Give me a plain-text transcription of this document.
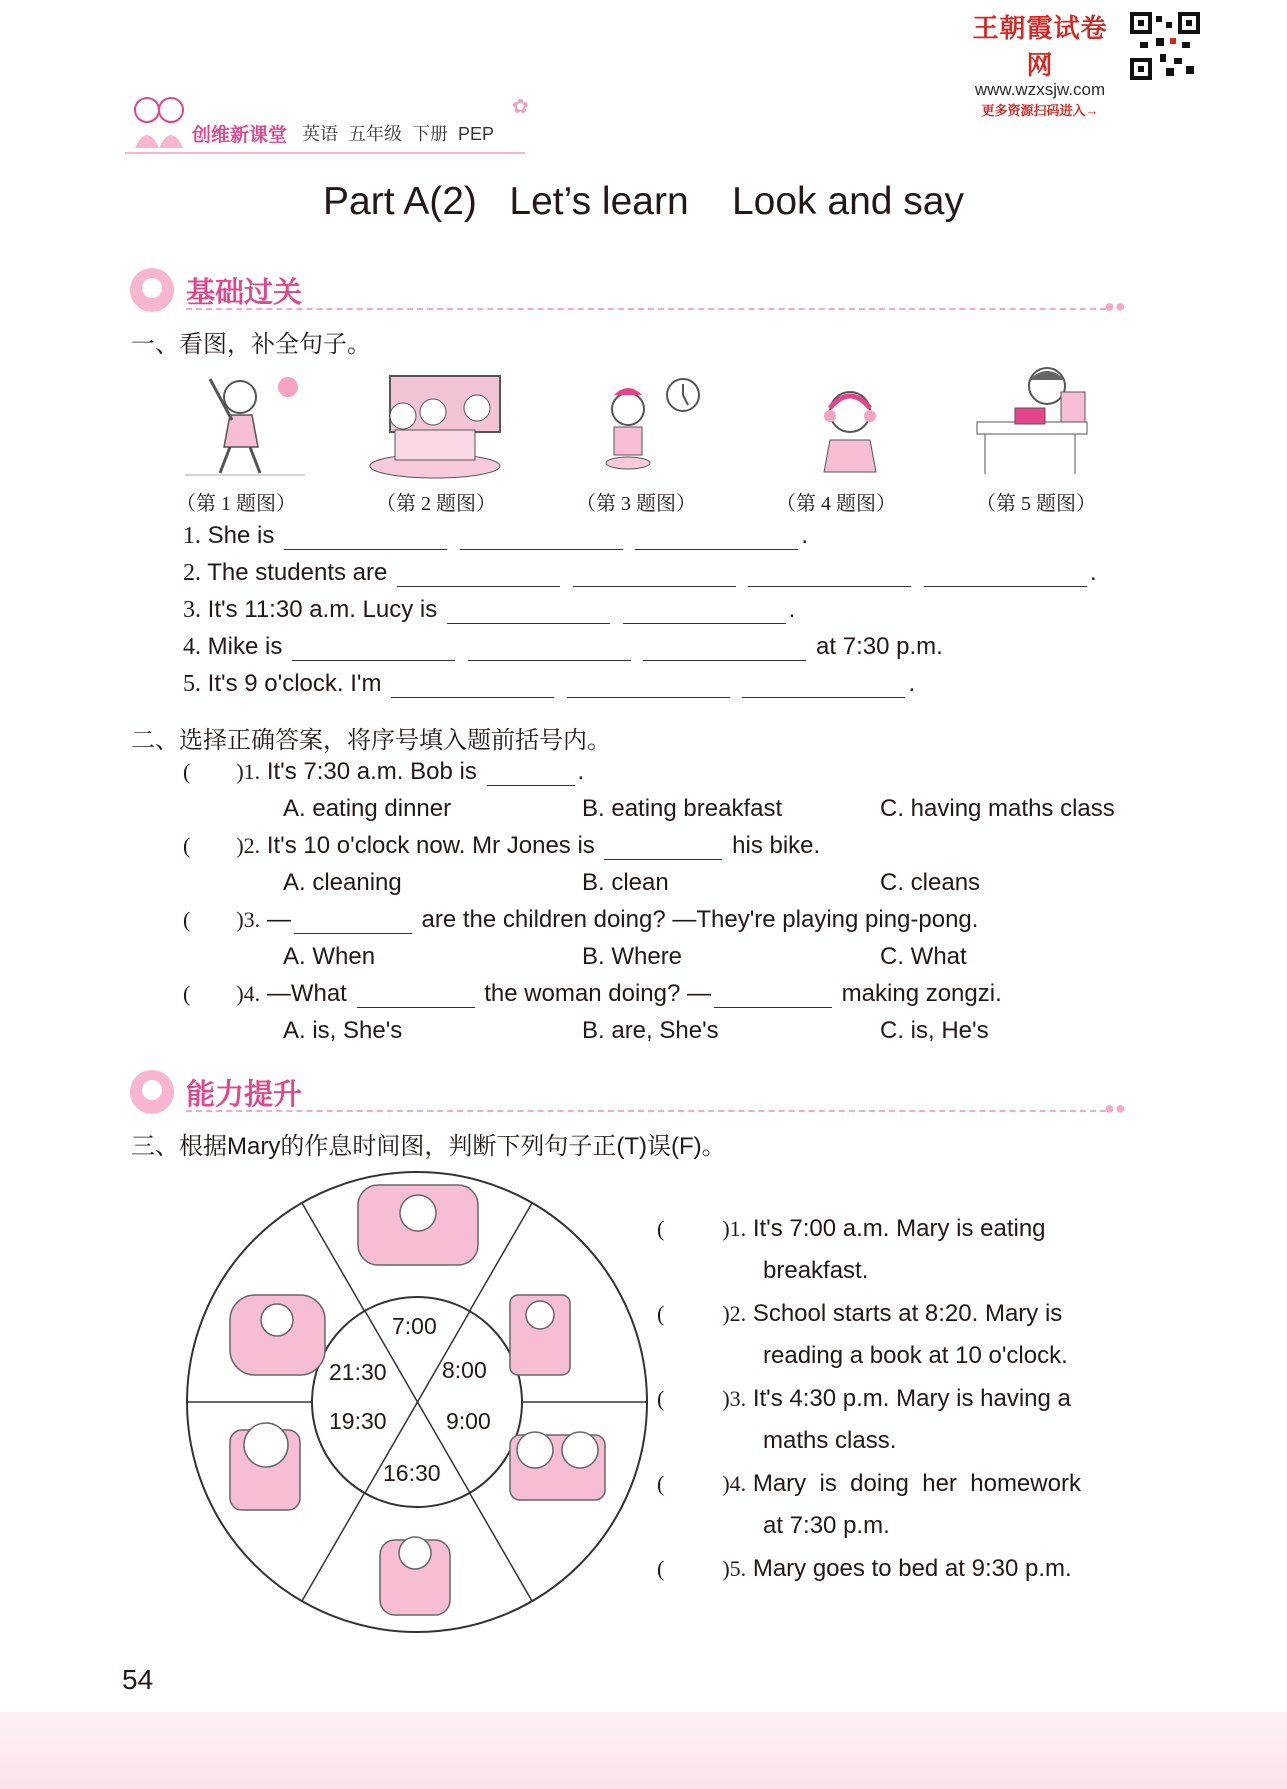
王朝霞试卷网
www.wzxsjw.com
更多资源扫码进入→
创维新课堂 英语  五年级  下册  PEP
✿
Part A(2)   Let’s learn    Look and say
基础过关	●●
一、看图，补全句子。
（第 1 题图）	（第 2 题图）	（第 3 题图）	（第 4 题图）	（第 5 题图）
1. She is	.
2. The students are	.
3. It's 11:30 a.m. Lucy is	.
4. Mike is	at 7:30 p.m.
5. It's 9 o'clock. I'm	.
二、选择正确答案，将序号填入题前括号内。
( )1. It's 7:30 a.m. Bob is	.
A. eating dinner	B. eating breakfast	C. having maths class
( )2. It's 10 o'clock now. Mr Jones is	his bike.
A. cleaning	B. clean	C. cleans
( )3. —	are the children doing? —They're playing ping-pong.
A. When	B. Where	C. What
( )4. —What	the woman doing? —	making zongzi.
A. is, She's	B. are, She's	C. is, He's
能力提升	●●
三、根据Mary的作息时间图，判断下列句子正(T)误(F)。
7:00
8:00
9:00
16:30
19:30
21:30
(	)1. It's 7:00 a.m. Mary is eating
breakfast.
(	)2. School starts at 8:20. Mary is
reading a book at 10 o'clock.
(	)3. It's 4:30 p.m. Mary is having a
maths class.
(	)4. Mary  is  doing  her  homework
at 7:30 p.m.
(	)5. Mary goes to bed at 9:30 p.m.
54
